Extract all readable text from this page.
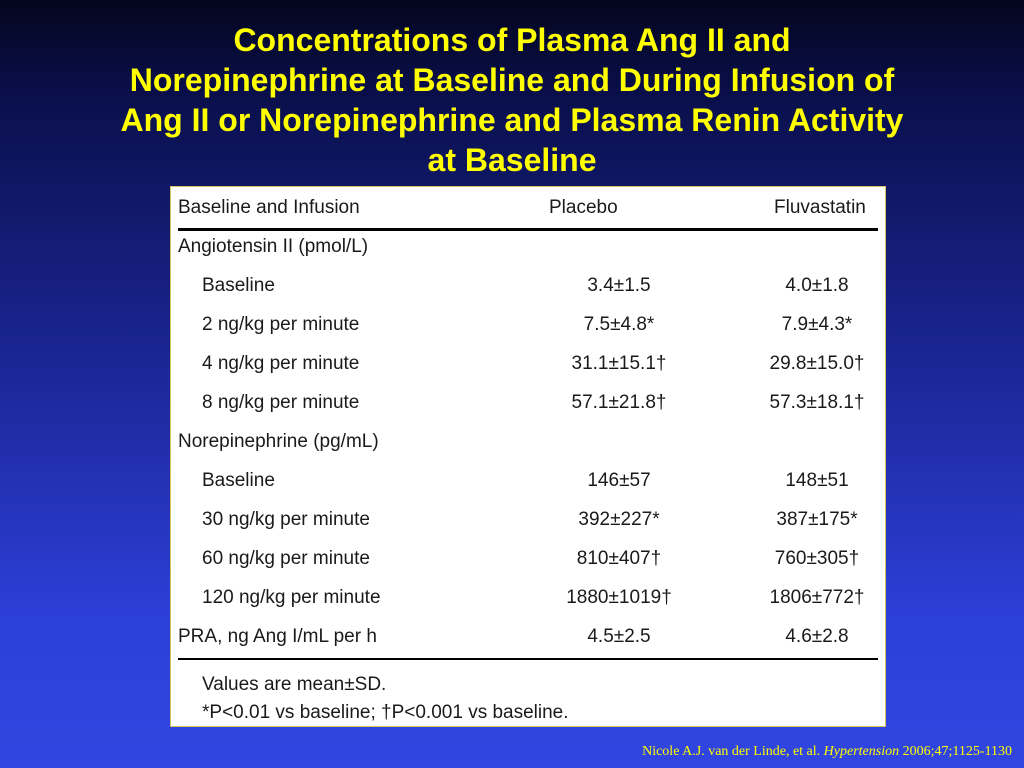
Concentrations of Plasma Ang II and
Norepinephrine at Baseline and During Infusion of
Ang II or Norepinephrine and Plasma Renin Activity
at Baseline
Baseline and Infusion	Placebo	Fluvastatin
Angiotensin II (pmol/L)
Baseline	3.4±1.5	4.0±1.8
2 ng/kg per minute	7.5±4.8*	7.9±4.3*
4 ng/kg per minute	31.1±15.1†	29.8±15.0†
8 ng/kg per minute	57.1±21.8†	57.3±18.1†
Norepinephrine (pg/mL)
Baseline	146±57	148±51
30 ng/kg per minute	392±227*	387±175*
60 ng/kg per minute	810±407†	760±305†
120 ng/kg per minute	1880±1019†	1806±772†
PRA, ng Ang I/mL per h	4.5±2.5	4.6±2.8
Values are mean±SD.
*P<0.01 vs baseline; †P<0.001 vs baseline.
Nicole A.J. van der Linde, et al. Hypertension 2006;47;1125-1130
